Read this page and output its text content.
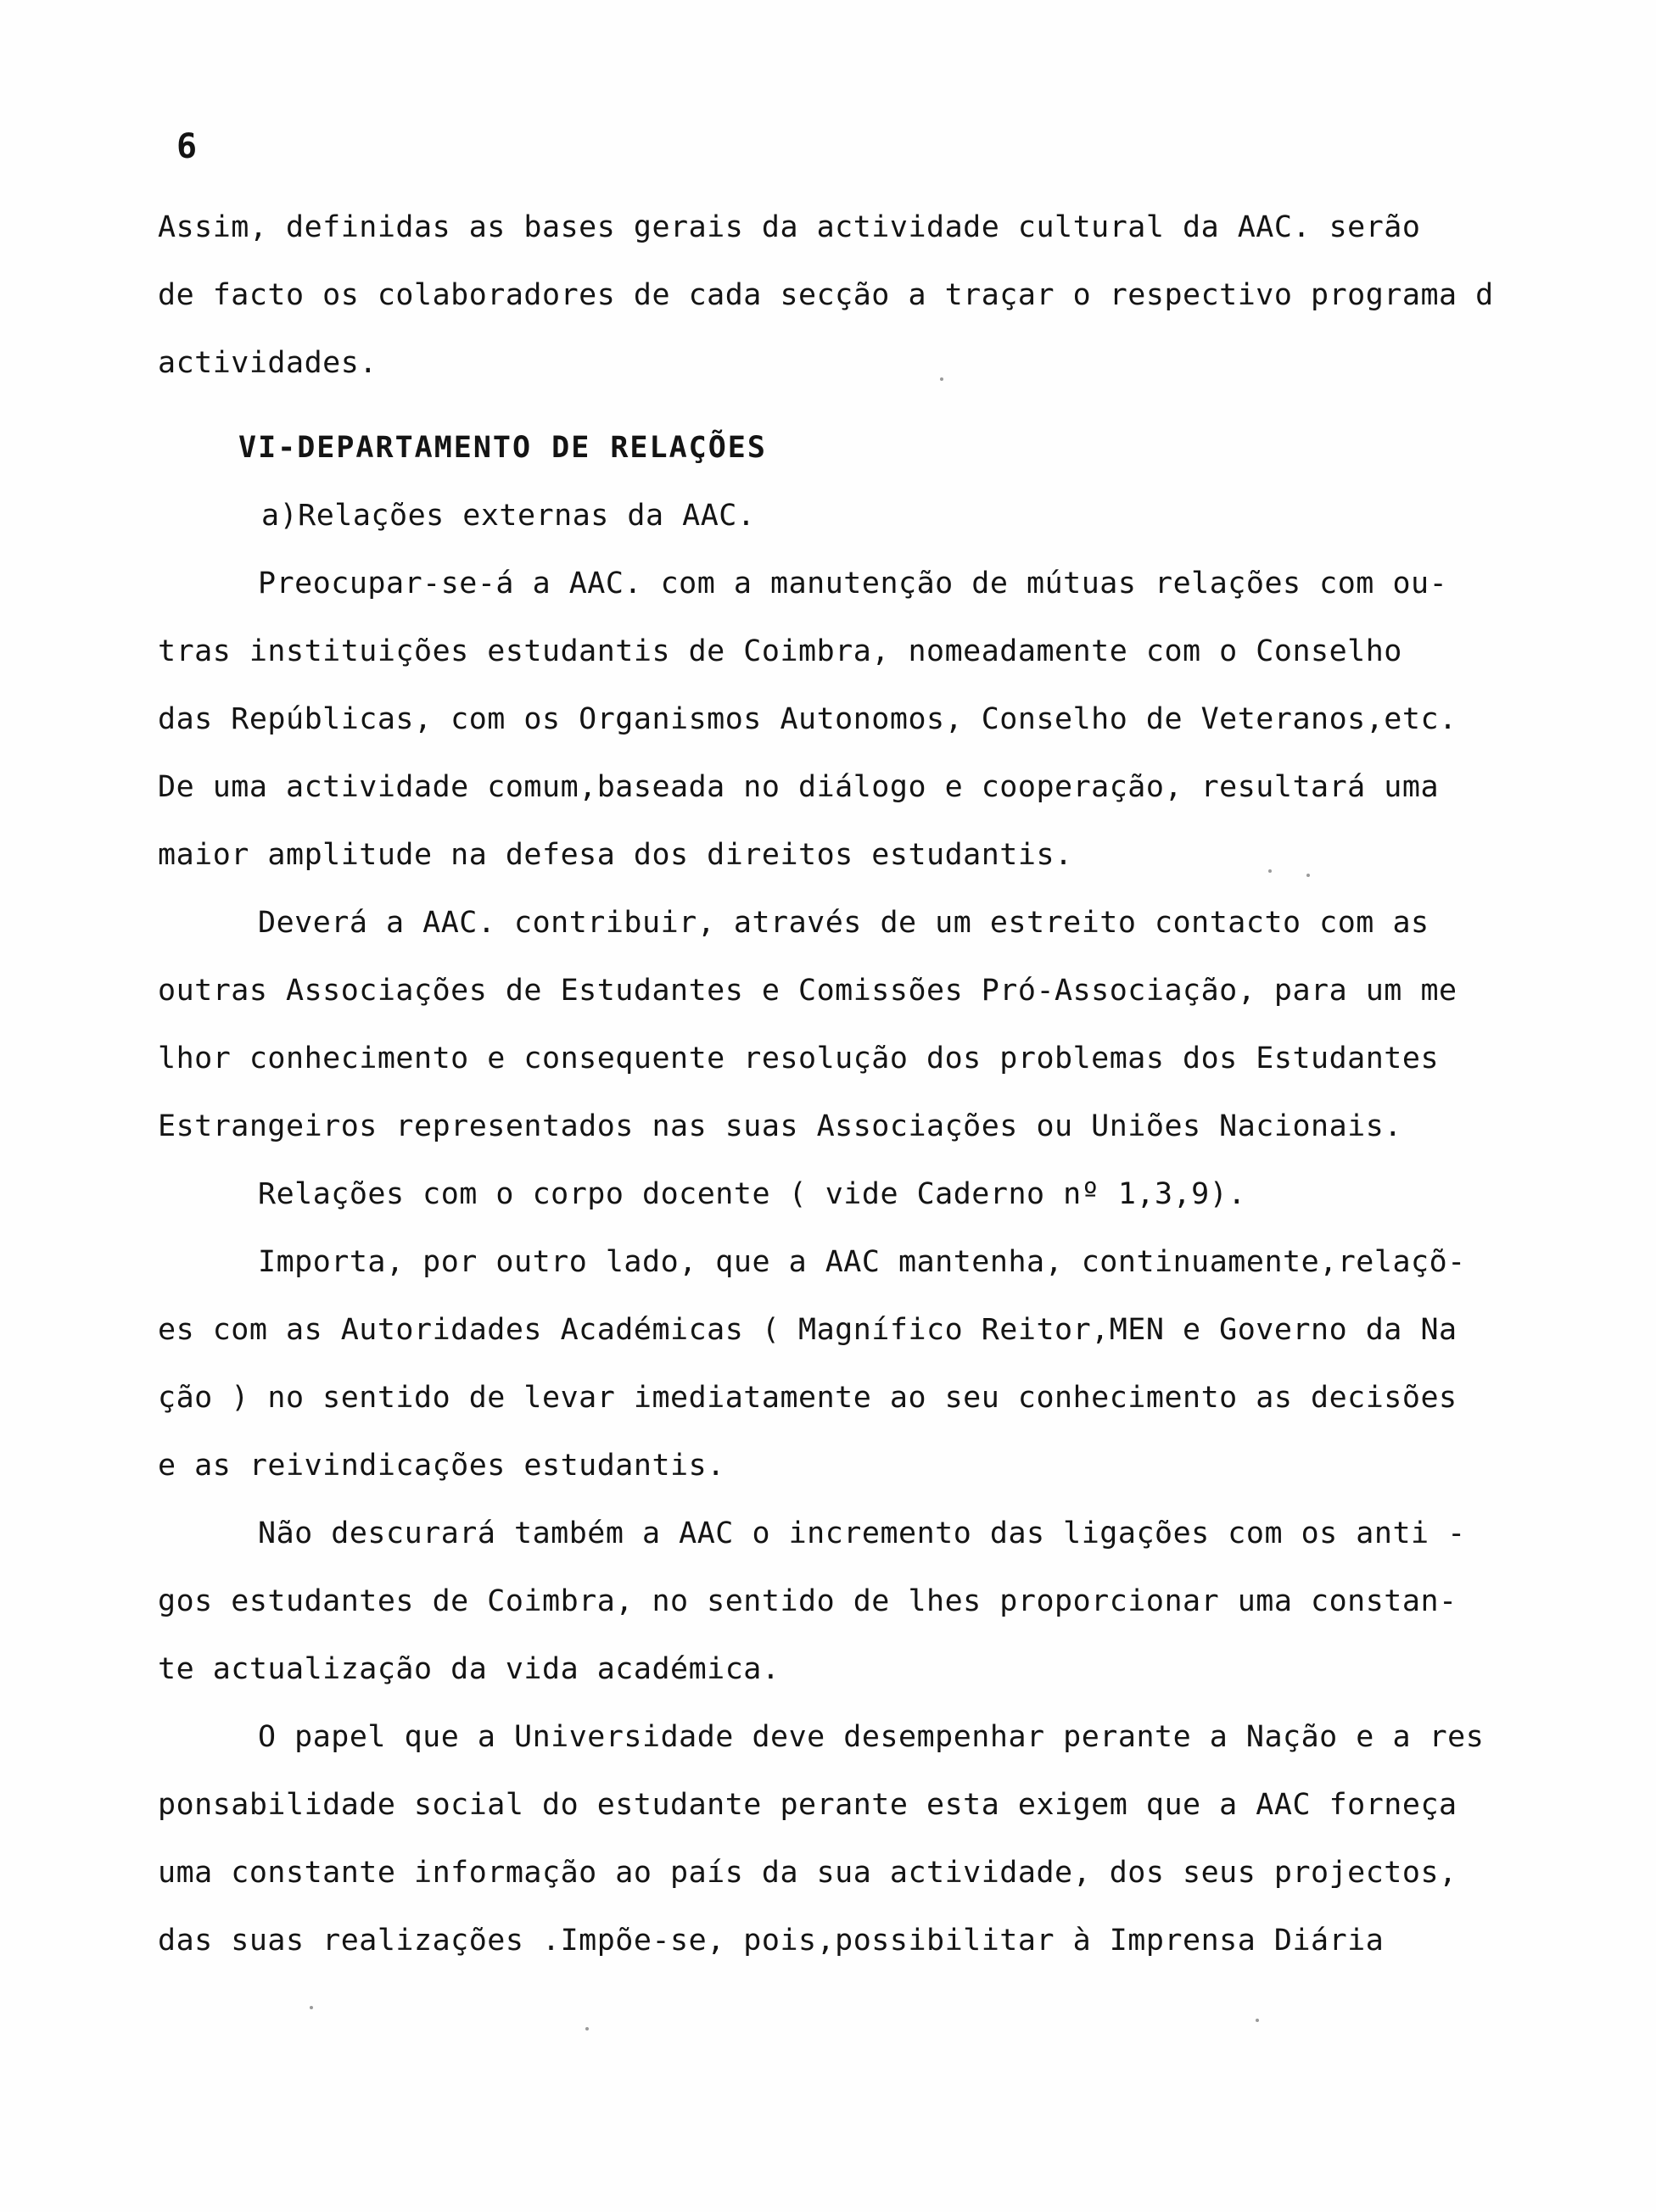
6

Assim, definidas as bases gerais da actividade cultural da AAC. serão

de facto os colaboradores de cada secção a traçar o respectivo programa d

actividades.

VI-DEPARTAMENTO DE RELAÇÕES

a)Relações externas da AAC.

Preocupar-se-á a AAC. com a manutenção de mútuas relações com ou-

tras instituições estudantis de Coimbra, nomeadamente com o Conselho

das Repúblicas, com os Organismos Autonomos, Conselho de Veteranos,etc.

De uma actividade comum,baseada no diálogo e cooperação, resultará uma

maior amplitude na defesa dos direitos estudantis.

Deverá a AAC. contribuir, através de um estreito contacto com as

outras Associações de Estudantes e Comissões Pró-Associação, para um me

lhor conhecimento e consequente resolução dos problemas dos Estudantes

Estrangeiros representados nas suas Associações ou Uniões Nacionais.

Relações com o corpo docente ( vide Caderno nº 1,3,9).

Importa, por outro lado, que a AAC mantenha, continuamente,relaçõ-

es com as Autoridades Académicas ( Magnífico Reitor,MEN e Governo da Na

ção ) no sentido de levar imediatamente ao seu conhecimento as decisões

e as reivindicações estudantis.

Não descurará também a AAC o incremento das ligações com os anti -

gos estudantes de Coimbra, no sentido de lhes proporcionar uma constan-

te actualização da vida académica.

O papel que a Universidade deve desempenhar perante a Nação e a res

ponsabilidade social do estudante perante esta exigem que a AAC forneça

uma constante informação ao país da sua actividade, dos seus projectos,

das suas realizações .Impõe-se, pois,possibilitar à Imprensa Diária
